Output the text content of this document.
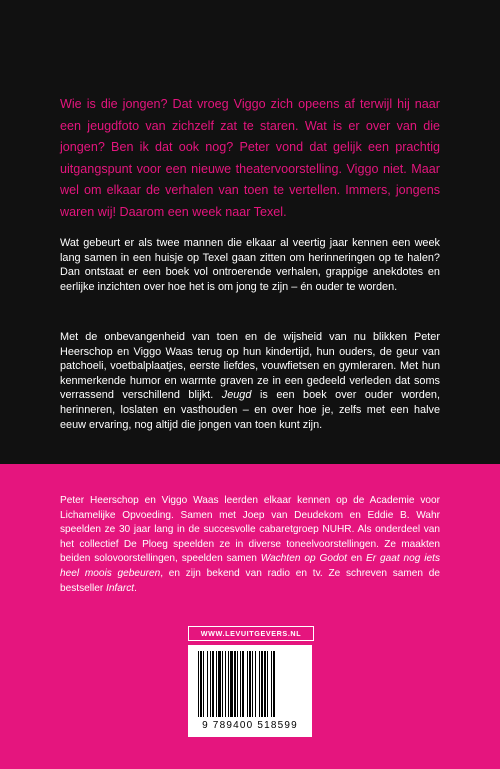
Wie is die jongen? Dat vroeg Viggo zich opeens af terwijl hij naar een jeugdfoto van zichzelf zat te staren. Wat is er over van die jongen? Ben ik dat ook nog? Peter vond dat gelijk een prachtig uitgangspunt voor een nieuwe theatervoorstelling. Viggo niet. Maar wel om elkaar de verhalen van toen te vertellen. Immers, jongens waren wij! Daarom een week naar Texel.

Wat gebeurt er als twee mannen die elkaar al veertig jaar kennen een week lang samen in een huisje op Texel gaan zitten om herinneringen op te halen? Dan ontstaat er een boek vol ontroerende verhalen, grappige anekdotes en eerlijke inzichten over hoe het is om jong te zijn – én ouder te worden.

Met de onbevangenheid van toen en de wijsheid van nu blikken Peter Heerschop en Viggo Waas terug op hun kindertijd, hun ouders, de geur van patchoeli, voetbalplaatjes, eerste liefdes, vouwfietsen en gymleraren. Met hun kenmerkende humor en warmte graven ze in een gedeeld verleden dat soms verrassend verschillend blijkt. Jeugd is een boek over ouder worden, herinneren, loslaten en vasthouden – en over hoe je, zelfs met een halve eeuw ervaring, nog altijd die jongen van toen kunt zijn.

Peter Heerschop en Viggo Waas leerden elkaar kennen op de Academie voor Lichamelijke Opvoeding. Samen met Joep van Deudekom en Eddie B. Wahr speelden ze 30 jaar lang in de succesvolle cabaretgroep NUHR. Als onderdeel van het collectief De Ploeg speelden ze in diverse toneelvoorstellingen. Ze maakten beiden solovoorstellingen, speelden samen Wachten op Godot en Er gaat nog iets heel moois gebeuren, en zijn bekend van radio en tv. Ze schreven samen de bestseller Infarct.

WWW.LEVUITGEVERS.NL
9 789400 518599
